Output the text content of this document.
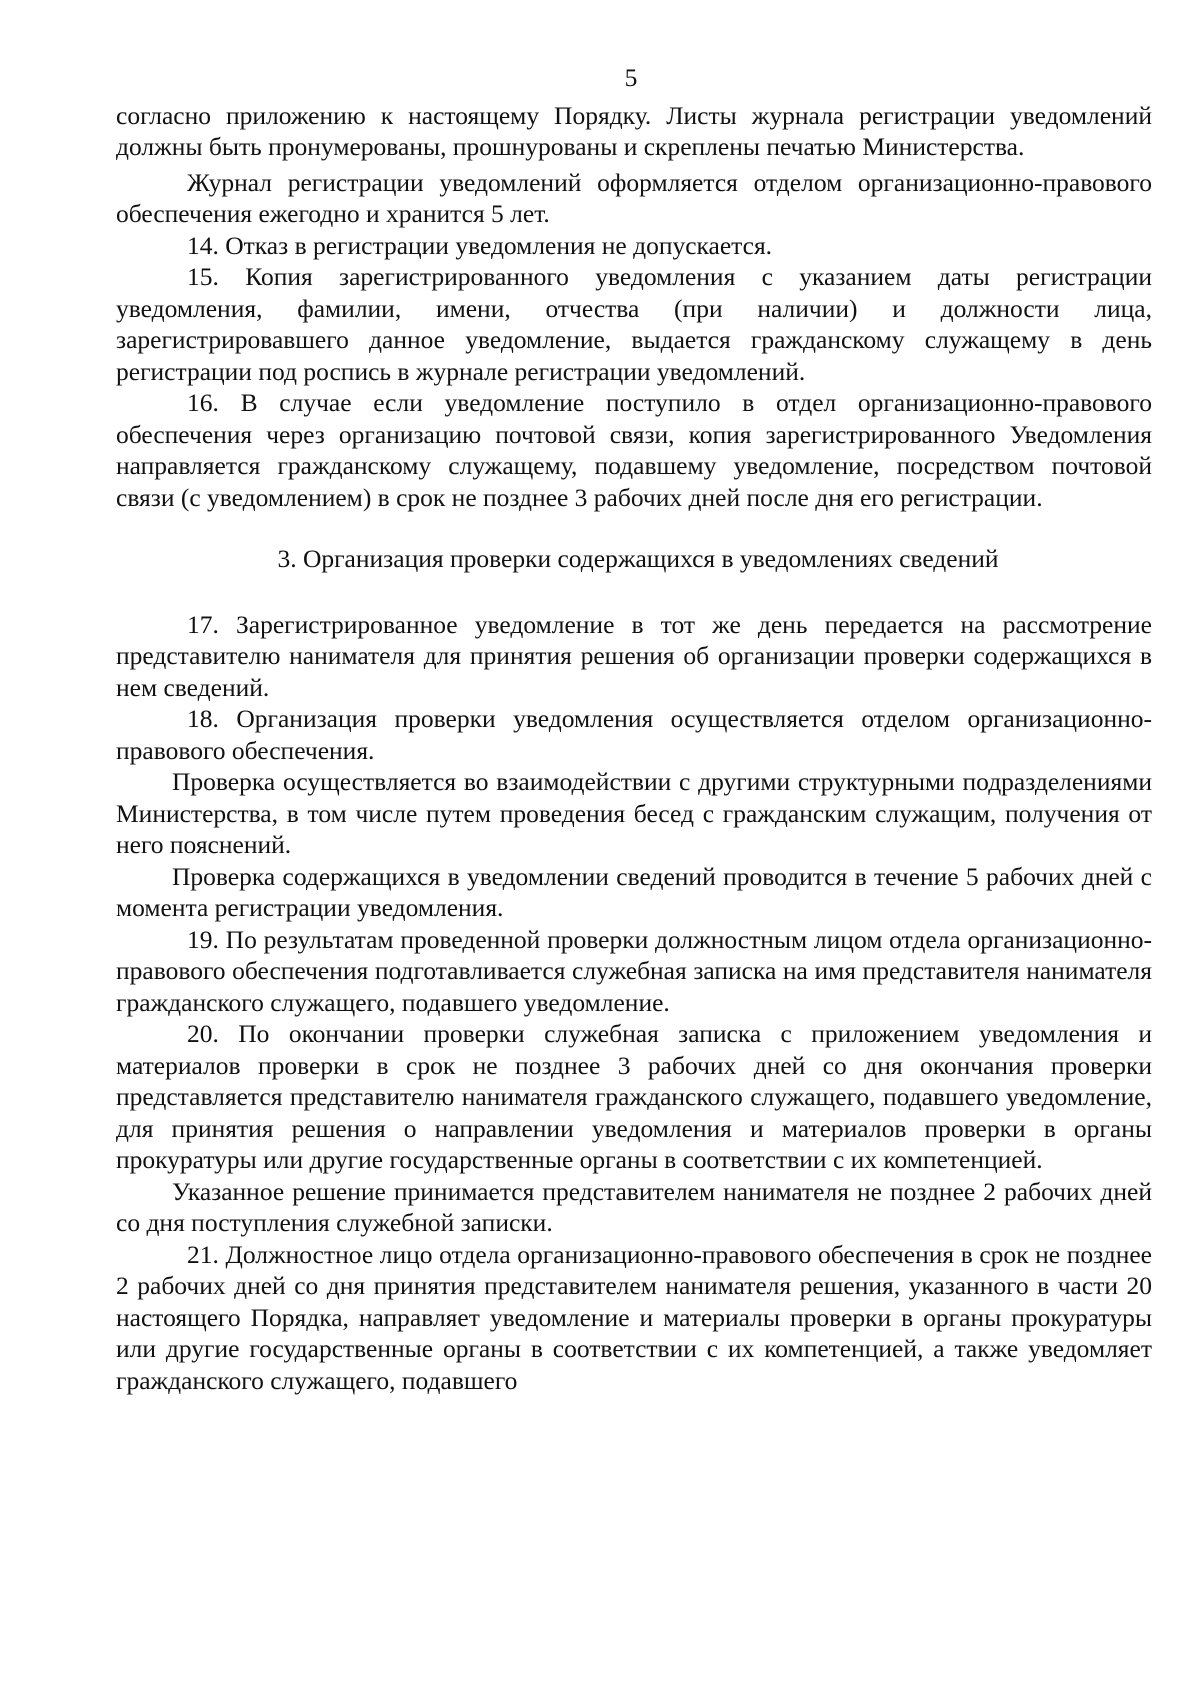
5

согласно приложению к настоящему Порядку. Листы журнала регистрации уведомлений должны быть пронумерованы, прошнурованы и скреплены печатью Министерства.

Журнал регистрации уведомлений оформляется отделом организационно-правового обеспечения ежегодно и хранится 5 лет.

14. Отказ в регистрации уведомления не допускается.

15. Копия зарегистрированного уведомления с указанием даты регистрации уведомления, фамилии, имени, отчества (при наличии) и должности лица, зарегистрировавшего данное уведомление, выдается гражданскому служащему в день регистрации под роспись в журнале регистрации уведомлений.

16. В случае если уведомление поступило в отдел организационно-правового обеспечения через организацию почтовой связи, копия зарегистрированного Уведомления направляется гражданскому служащему, подавшему уведомление, посредством почтовой связи (с уведомлением) в срок не позднее 3 рабочих дней после дня его регистрации.

3. Организация проверки содержащихся в уведомлениях сведений

17. Зарегистрированное уведомление в тот же день передается на рассмотрение представителю нанимателя для принятия решения об организации проверки содержащихся в нем сведений.

18. Организация проверки уведомления осуществляется отделом организационно-правового обеспечения.

Проверка осуществляется во взаимодействии с другими структурными подразделениями Министерства, в том числе путем проведения бесед с гражданским служащим, получения от него пояснений.

Проверка содержащихся в уведомлении сведений проводится в течение 5 рабочих дней с момента регистрации уведомления.

19. По результатам проведенной проверки должностным лицом отдела организационно-правового обеспечения подготавливается служебная записка на имя представителя нанимателя гражданского служащего, подавшего уведомление.

20. По окончании проверки служебная записка с приложением уведомления и материалов проверки в срок не позднее 3 рабочих дней со дня окончания проверки представляется представителю нанимателя гражданского служащего, подавшего уведомление, для принятия решения о направлении уведомления и материалов проверки в органы прокуратуры или другие государственные органы в соответствии с их компетенцией.

Указанное решение принимается представителем нанимателя не позднее 2 рабочих дней со дня поступления служебной записки.

21. Должностное лицо отдела организационно-правового обеспечения в срок не позднее 2 рабочих дней со дня принятия представителем нанимателя решения, указанного в части 20 настоящего Порядка, направляет уведомление и материалы проверки в органы прокуратуры или другие государственные органы в соответствии с их компетенцией, а также уведомляет гражданского служащего, подавшего
